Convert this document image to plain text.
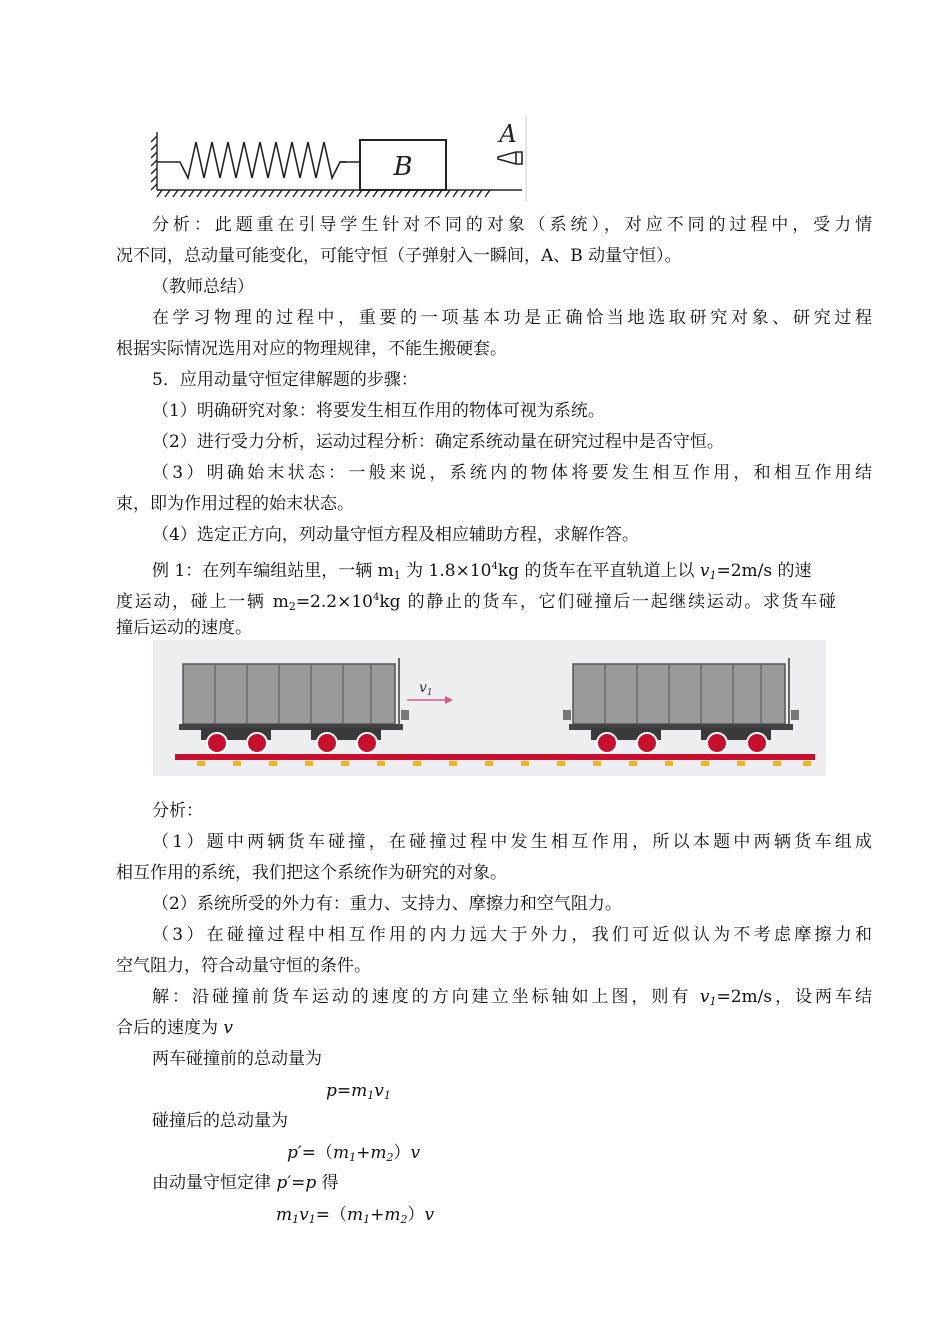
B
A
分析：此题重在引导学生针对不同的对象（系统），对应不同的过程中，受力情
况不同，总动量可能变化，可能守恒（子弹射入一瞬间，A、B 动量守恒）。
（教师总结）
在学习物理的过程中，重要的一项基本功是正确恰当地选取研究对象、研究过程
根据实际情况选用对应的物理规律，不能生搬硬套。
5．应用动量守恒定律解题的步骤：
（1）明确研究对象：将要发生相互作用的物体可视为系统。
（2）进行受力分析，运动过程分析：确定系统动量在研究过程中是否守恒。
（3）明确始末状态：一般来说，系统内的物体将要发生相互作用，和相互作用结
束，即为作用过程的始末状态。
（4）选定正方向，列动量守恒方程及相应辅助方程，求解作答。
例 1：在列车编组站里，一辆 $m_1$ 为 $1.8\times 10^4kg$ 的货车在平直轨道上以 $v_1=2m/s$ 的速
度运动，碰上一辆 $m_2=2.2\times 10^4kg$ 的静止的货车，它们碰撞后一起继续运动。求货车碰
撞后运动的速度。
$v_1$
分析：
（1）题中两辆货车碰撞，在碰撞过程中发生相互作用，所以本题中两辆货车组成
相互作用的系统，我们把这个系统作为研究的对象。
（2）系统所受的外力有：重力、支持力、摩擦力和空气阻力。
（3）在碰撞过程中相互作用的内力远大于外力，我们可近似认为不考虑摩擦力和
空气阻力，符合动量守恒的条件。
解：沿碰撞前货车运动的速度的方向建立坐标轴如上图，则有 $v_1=2m/s$，设两车结
合后的速度为 v
两车碰撞前的总动量为
$p=m_1v_1$
碰撞后的总动量为
$p'=(m_1+m_2)v$
由动量守恒定律 p′=p 得
$m_1v_1=(m_1+m_2)v$
